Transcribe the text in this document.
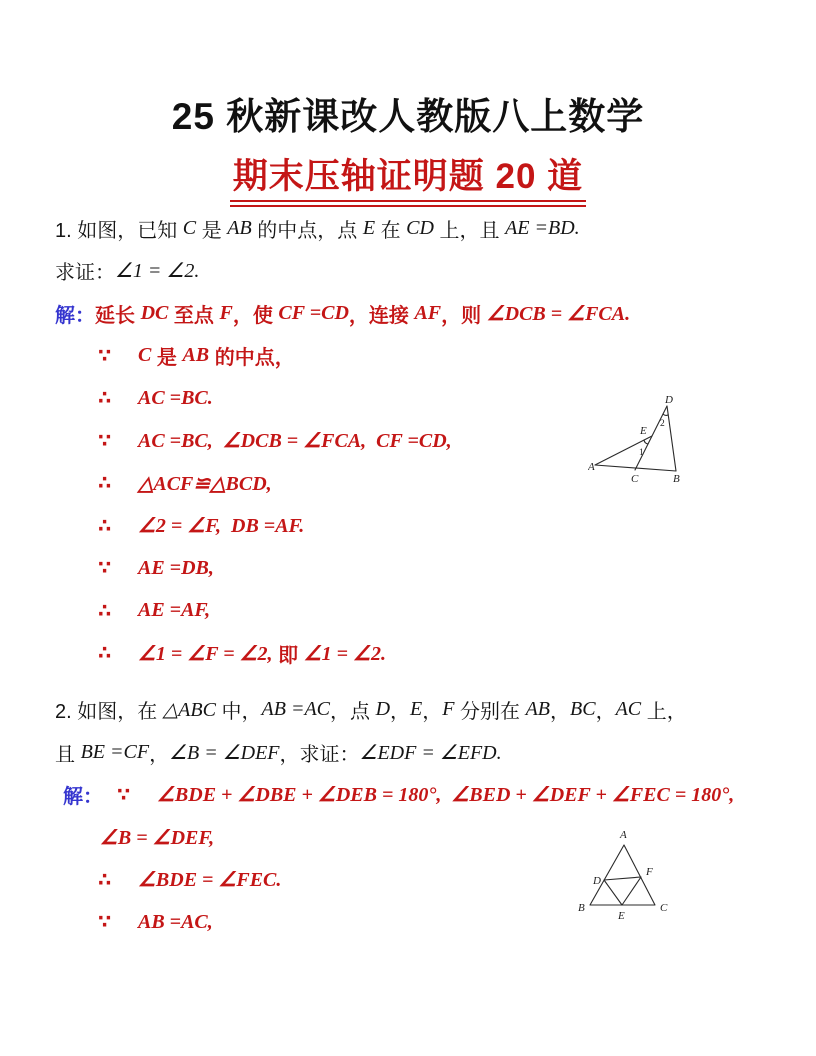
25 秋新课改人教版八上数学
期末压轴证明题 20 道
1. 如图，已知 C 是 AB 的中点，点 E 在 CD 上，且 AE =BD.
求证： ∠1 = ∠2.
解： 延长 DC 至点 F ，使 CF =CD ，连接 AF ，则 ∠DCB = ∠FCA.
∵	C 是 AB 的中点，
∴	AC =BC.
∵	AC =BC,  ∠DCB = ∠FCA,  CF =CD,
∴	△ACF≌△BCD,
∴	∠2 = ∠F,  DB =AF.
∵	AE =DB,
∴	AE =AF,
∴	∠1 = ∠F = ∠2, 即 ∠1 = ∠2.
2. 如图，在 △ABC 中， AB =AC ，点 D ， E ， F 分别在 AB ， BC ， AC 上，
且 BE =CF ， ∠B = ∠DEF ，求证： ∠EDF = ∠EFD.
解： ∵	∠BDE + ∠DBE + ∠DEB = 180°,  ∠BED + ∠DEF + ∠FEC = 180°,
∠B = ∠DEF,
∴	∠BDE = ∠FEC.
∵	AB =AC,
A
B
C
D
E
1
2
A
B	C
D
E
F
